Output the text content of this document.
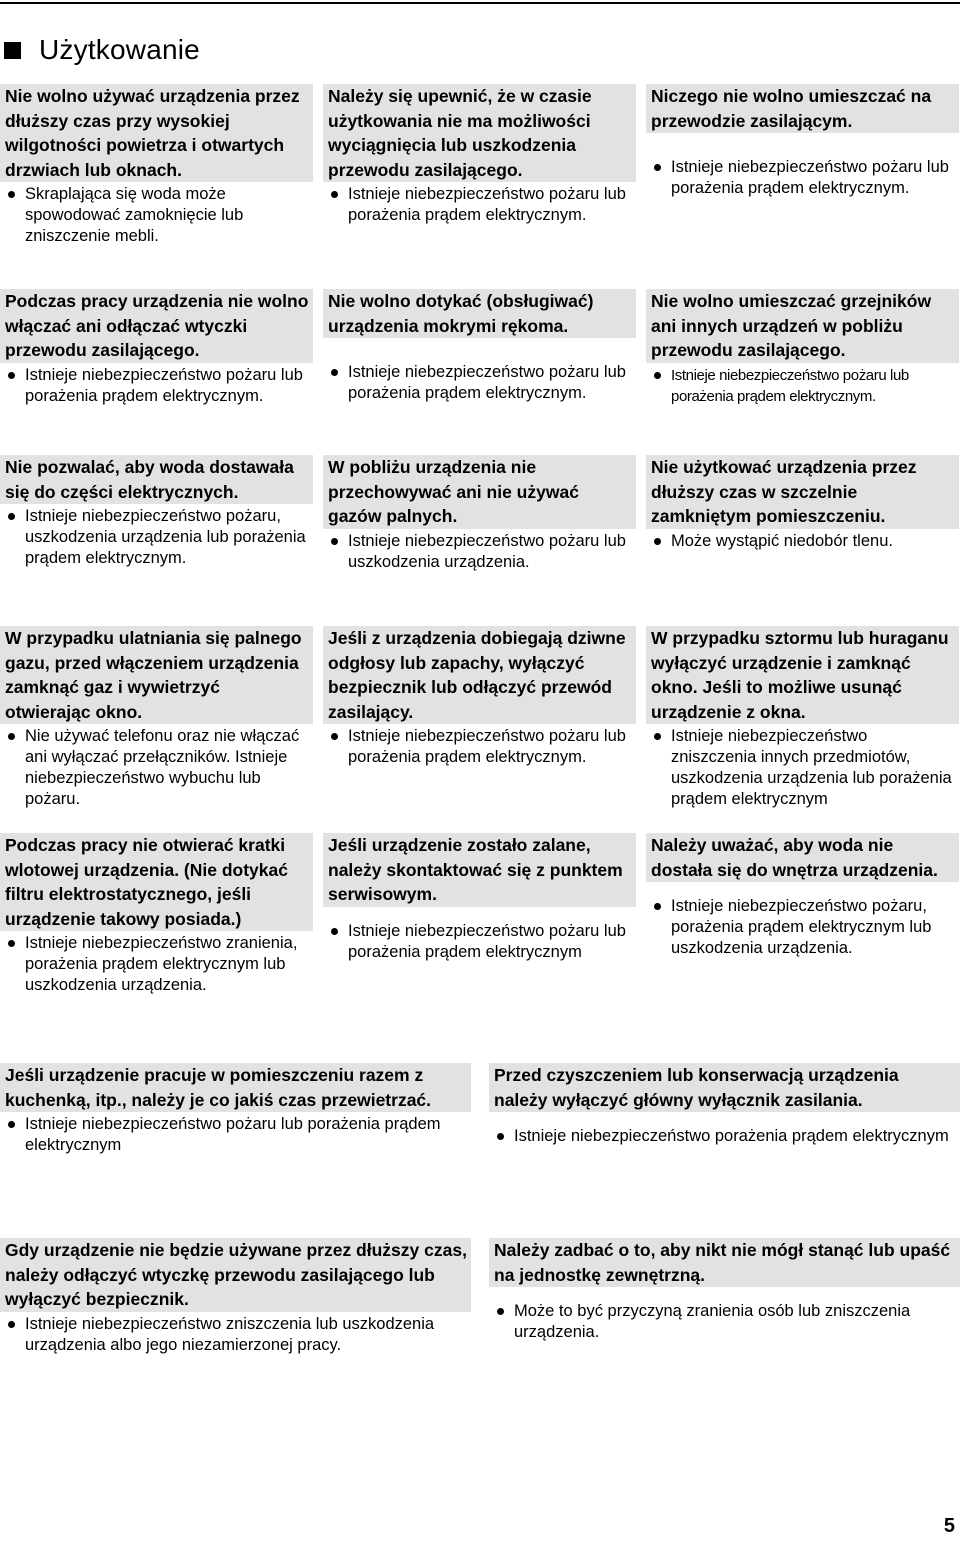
Użytkowanie
Nie wolno używać urządzenia przez dłuższy czas przy wysokiej wilgotności powietrza i otwartych drzwiach lub oknach.
Skraplająca się woda może spowodować zamoknięcie lub zniszczenie mebli.
Należy się upewnić, że w czasie użytkowania nie ma możliwości wyciągnięcia lub uszkodzenia przewodu zasilającego.
Istnieje niebezpieczeństwo pożaru lub porażenia prądem elektrycznym.
Niczego nie wolno umieszczać na przewodzie zasilającym.
Istnieje niebezpieczeństwo pożaru lub porażenia prądem elektrycznym.
Podczas pracy urządzenia nie wolno włączać ani odłączać wtyczki przewodu zasilającego.
Istnieje niebezpieczeństwo pożaru lub porażenia prądem elektrycznym.
Nie wolno dotykać (obsługiwać) urządzenia mokrymi rękoma.
Istnieje niebezpieczeństwo pożaru lub porażenia prądem elektrycznym.
Nie wolno umieszczać grzejników ani innych urządzeń w pobliżu przewodu zasilającego.
Istnieje niebezpieczeństwo pożaru lub porażenia prądem elektrycznym.
Nie pozwalać, aby woda dostawała się do części elektrycznych.
Istnieje niebezpieczeństwo pożaru, uszkodzenia urządzenia lub porażenia prądem elektrycznym.
W pobliżu urządzenia nie przechowywać ani nie używać gazów palnych.
Istnieje niebezpieczeństwo pożaru lub uszkodzenia urządzenia.
Nie użytkować urządzenia przez dłuższy czas w szczelnie zamkniętym pomieszczeniu.
Może wystąpić niedobór tlenu.
W przypadku ulatniania się palnego gazu, przed włączeniem urządzenia zamknąć gaz i wywietrzyć otwierając okno.
Nie używać telefonu oraz nie włączać ani wyłączać przełączników. Istnieje niebezpieczeństwo wybuchu lub pożaru.
Jeśli z urządzenia dobiegają dziwne odgłosy lub zapachy, wyłączyć bezpiecznik lub odłączyć przewód zasilający.
Istnieje niebezpieczeństwo pożaru lub porażenia prądem elektrycznym.
W przypadku sztormu lub huraganu wyłączyć urządzenie i zamknąć okno. Jeśli to możliwe usunąć urządzenie z okna.
Istnieje niebezpieczeństwo zniszczenia innych przedmiotów, uszkodzenia urządzenia lub porażenia prądem elektrycznym
Podczas pracy nie otwierać kratki wlotowej urządzenia. (Nie dotykać filtru elektrostatycznego, jeśli urządzenie takowy posiada.)
Istnieje niebezpieczeństwo zranienia, porażenia prądem elektrycznym lub uszkodzenia urządzenia.
Jeśli urządzenie zostało zalane, należy skontaktować się z punktem serwisowym.
Istnieje niebezpieczeństwo pożaru lub porażenia prądem elektrycznym
Należy uważać, aby woda nie dostała się do wnętrza urządzenia.
Istnieje niebezpieczeństwo pożaru, porażenia prądem elektrycznym lub uszkodzenia urządzenia.
Jeśli urządzenie pracuje w pomieszczeniu razem z kuchenką, itp., należy je co jakiś czas przewietrzać.
Istnieje niebezpieczeństwo pożaru lub porażenia prądem elektrycznym
Przed czyszczeniem lub konserwacją urządzenia należy wyłączyć główny wyłącznik zasilania.
Istnieje niebezpieczeństwo porażenia prądem elektrycznym
Gdy urządzenie nie będzie używane przez dłuższy czas, należy odłączyć wtyczkę przewodu zasilającego lub wyłączyć bezpiecznik.
Istnieje niebezpieczeństwo zniszczenia lub uszkodzenia urządzenia albo jego niezamierzonej pracy.
Należy zadbać o to, aby nikt nie mógł stanąć lub upaść na jednostkę zewnętrzną.
Może to być przyczyną zranienia osób lub zniszczenia urządzenia.
5
